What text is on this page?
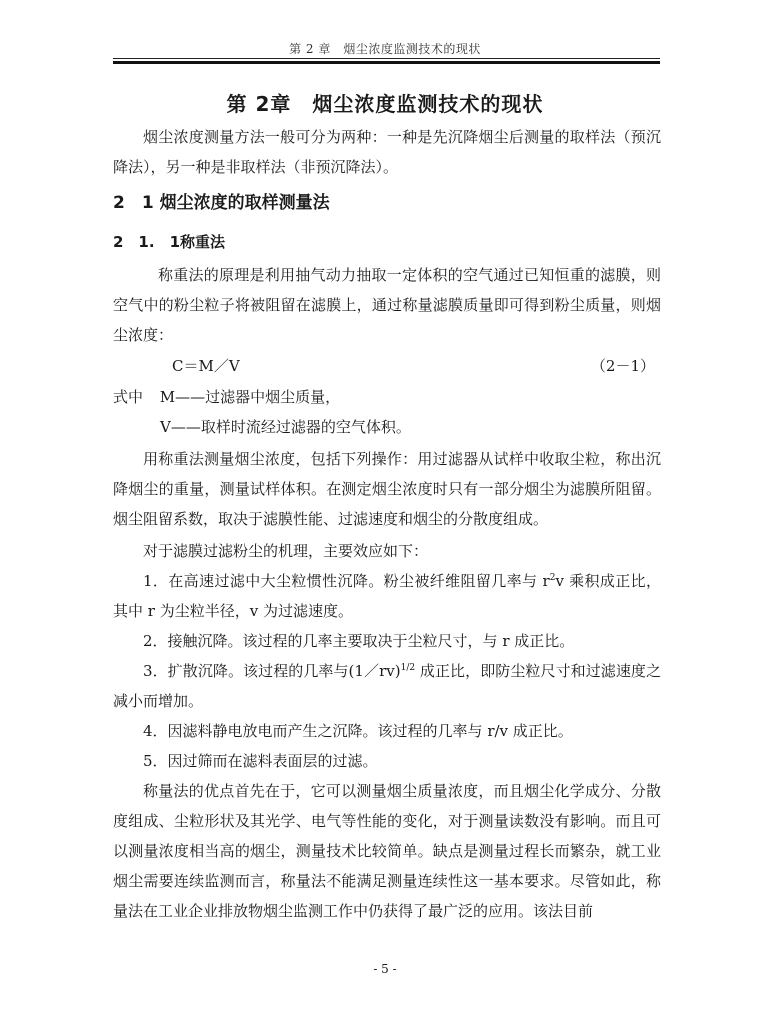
第 2 章　烟尘浓度监测技术的现状
第 2章　烟尘浓度监测技术的现状

烟尘浓度测量方法一般可分为两种：一种是先沉降烟尘后测量的取样法（预沉降法），另一种是非取样法（非预沉降法）。

2　1 烟尘浓度的取样测量法
2　1.　1称重法

称重法的原理是利用抽气动力抽取一定体积的空气通过已知恒重的滤膜，则空气中的粉尘粒子将被阻留在滤膜上，通过称量滤膜质量即可得到粉尘质量，则烟尘浓度：

C＝M／V	（2－1）
式中 M——过滤器中烟尘质量，
V——取样时流经过滤器的空气体积。

用称重法测量烟尘浓度，包括下列操作：用过滤器从试样中收取尘粒，称出沉降烟尘的重量，测量试样体积。在测定烟尘浓度时只有一部分烟尘为滤膜所阻留。烟尘阻留系数，取决于滤膜性能、过滤速度和烟尘的分散度组成。

对于滤膜过滤粉尘的机理，主要效应如下：

1．在高速过滤中大尘粒惯性沉降。粉尘被纤维阻留几率与 $r^2v$ 乘积成正比，其中 r 为尘粒半径，v 为过滤速度。

2．接触沉降。该过程的几率主要取决于尘粒尺寸，与 r 成正比。

3．扩散沉降。该过程的几率与(1／rv)$^{1/2}$ 成正比，即防尘粒尺寸和过滤速度之减小而增加。

4．因滤料静电放电而产生之沉降。该过程的几率与 r/v 成正比。

5．因过筛而在滤料表面层的过滤。

称量法的优点首先在于，它可以测量烟尘质量浓度，而且烟尘化学成分、分散度组成、尘粒形状及其光学、电气等性能的变化，对于测量读数没有影响。而且可以测量浓度相当高的烟尘，测量技术比较简单。缺点是测量过程长而繁杂，就工业烟尘需要连续监测而言，称量法不能满足测量连续性这一基本要求。尽管如此，称量法在工业企业排放物烟尘监测工作中仍获得了最广泛的应用。该法目前

- 5 -
